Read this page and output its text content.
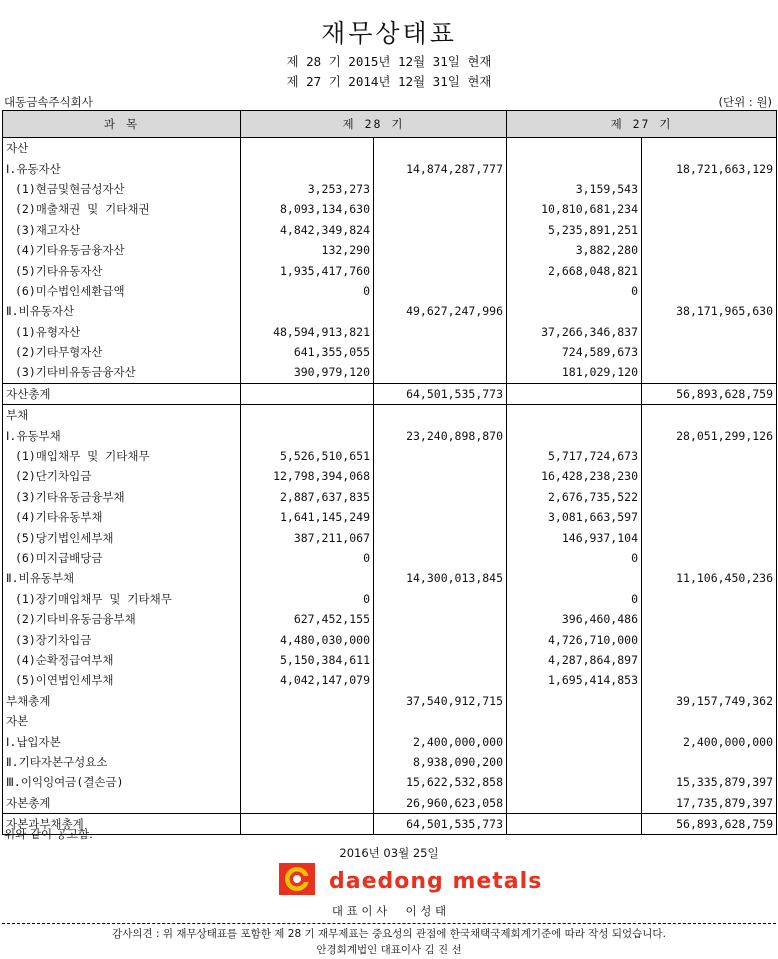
재무상태표
제 28 기 2015년 12월 31일 현재
제 27 기 2014년 12월 31일 현재
대동금속주식회사	(단위 : 원)
과 목	제 28 기		제 27 기	
자산				
Ⅰ.유동자산		14,874,287,777		18,721,663,129
(1)현금및현금성자산	3,253,273		3,159,543	
(2)매출채권 및 기타채권	8,093,134,630		10,810,681,234	
(3)재고자산	4,842,349,824		5,235,891,251	
(4)기타유동금융자산	132,290		3,882,280	
(5)기타유동자산	1,935,417,760		2,668,048,821	
(6)미수법인세환급액	0		0	
Ⅱ.비유동자산		49,627,247,996		38,171,965,630
(1)유형자산	48,594,913,821		37,266,346,837	
(2)기타무형자산	641,355,055		724,589,673	
(3)기타비유동금융자산	390,979,120		181,029,120	
자산총계		64,501,535,773		56,893,628,759
부채				
Ⅰ.유동부채		23,240,898,870		28,051,299,126
(1)매입채무 및 기타채무	5,526,510,651		5,717,724,673	
(2)단기차입금	12,798,394,068		16,428,238,230	
(3)기타유동금융부채	2,887,637,835		2,676,735,522	
(4)기타유동부채	1,641,145,249		3,081,663,597	
(5)당기법인세부채	387,211,067		146,937,104	
(6)미지급배당금	0		0	
Ⅱ.비유동부채		14,300,013,845		11,106,450,236
(1)장기매입채무 및 기타채무	0		0	
(2)기타비유동금융부채	627,452,155		396,460,486	
(3)장기차입금	4,480,030,000		4,726,710,000	
(4)순확정급여부채	5,150,384,611		4,287,864,897	
(5)이연법인세부채	4,042,147,079		1,695,414,853	
부채총계		37,540,912,715		39,157,749,362
자본				
Ⅰ.납입자본		2,400,000,000		2,400,000,000
Ⅱ.기타자본구성요소		8,938,090,200		
Ⅲ.이익잉여금(결손금)		15,622,532,858		15,335,879,397
자본총계		26,960,623,058		17,735,879,397
자본과부채총계		64,501,535,773		56,893,628,759
위와 같이 공고함.
2016년 03월 25일
daedong metals
대 표 이 사     이 성 태
감사의견 : 위 재무상태표를 포함한 제 28 기 재무제표는 중요성의 관점에 한국채택국제회계기준에 따라 작성 되었습니다.
안경회계법인 대표이사 김 진 선
